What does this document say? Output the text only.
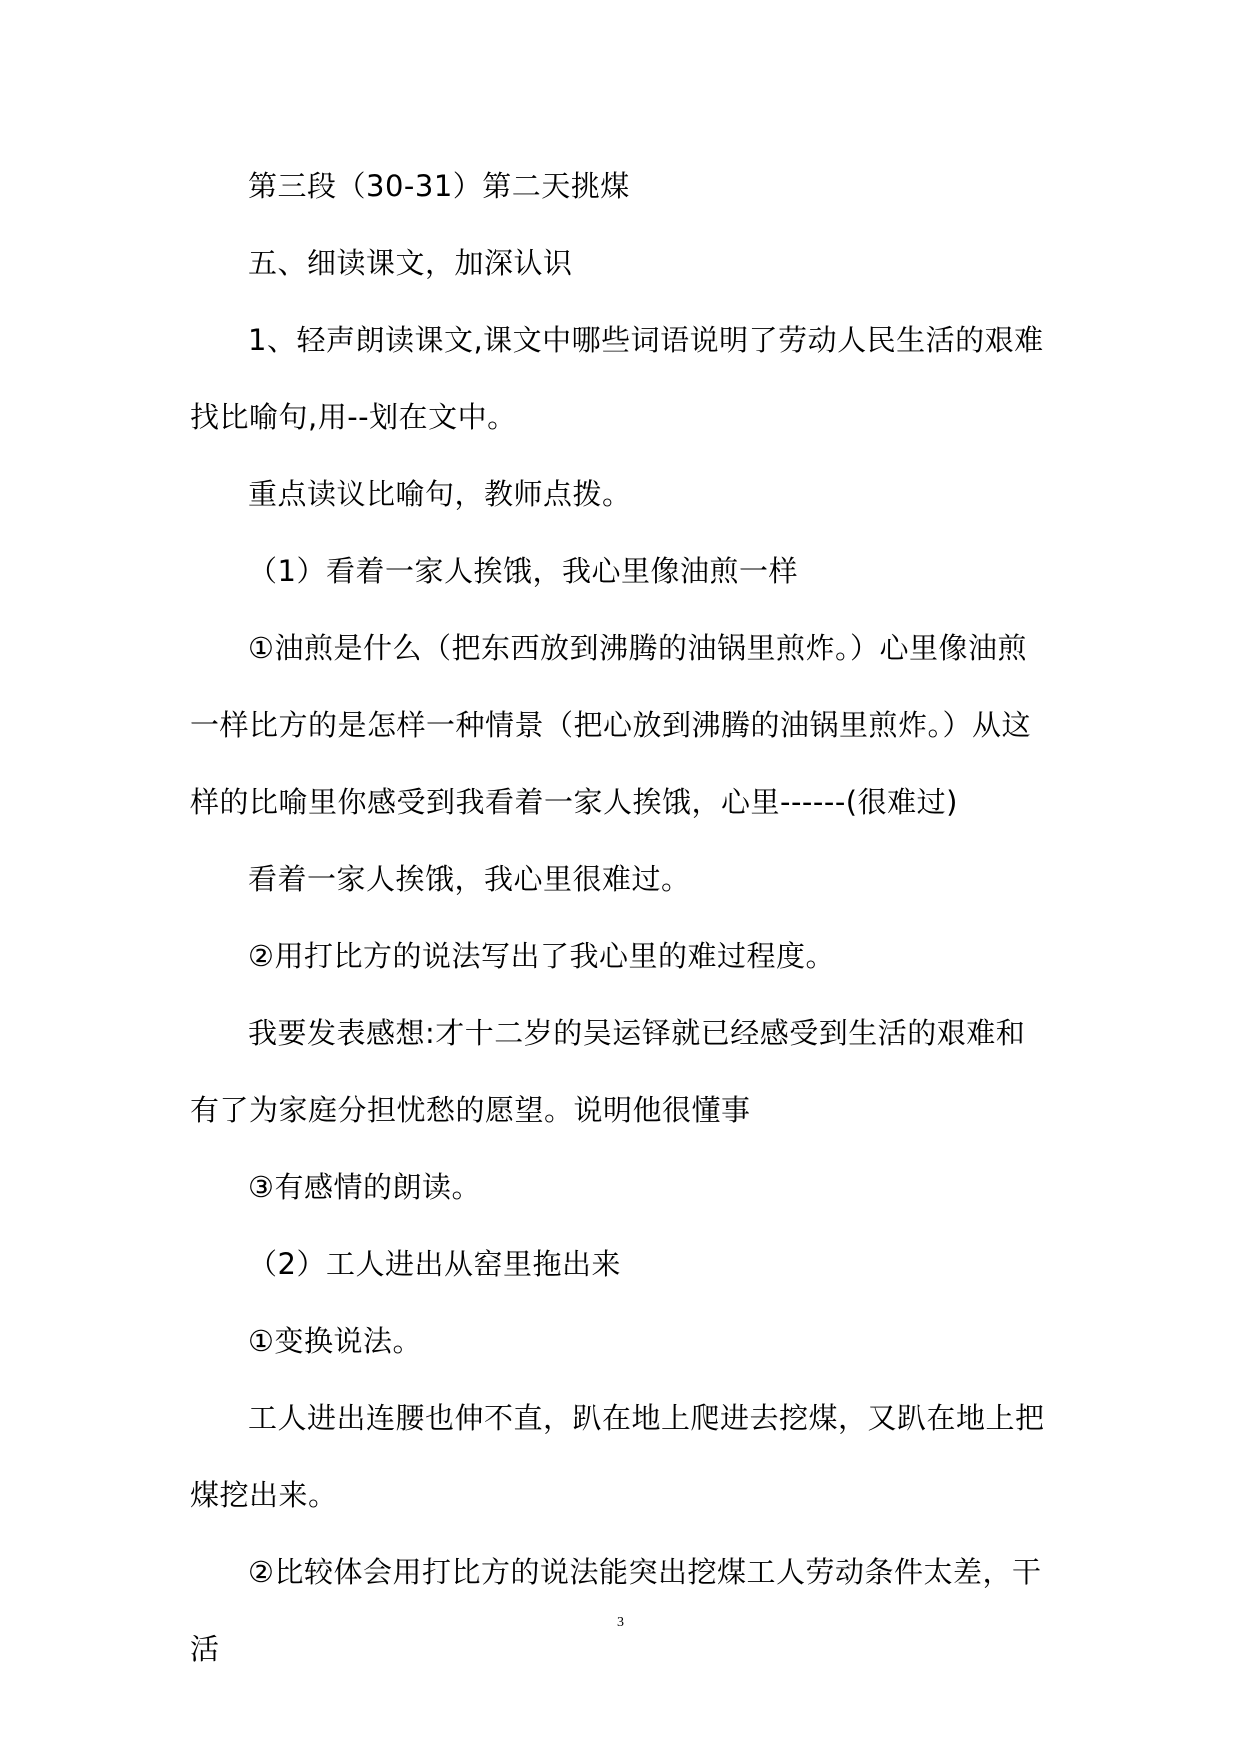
第三段（30-31）第二天挑煤

五、细读课文，加深认识

1、轻声朗读课文,课文中哪些词语说明了劳动人民生活的艰难找比喻句,用--划在文中。

重点读议比喻句，教师点拨。

（1）看着一家人挨饿，我心里像油煎一样

①油煎是什么（把东西放到沸腾的油锅里煎炸。）心里像油煎一样比方的是怎样一种情景（把心放到沸腾的油锅里煎炸。）从这样的比喻里你感受到我看着一家人挨饿，心里------(很难过)

看着一家人挨饿，我心里很难过。

②用打比方的说法写出了我心里的难过程度。

我要发表感想:才十二岁的吴运铎就已经感受到生活的艰难和有了为家庭分担忧愁的愿望。说明他很懂事

③有感情的朗读。

（2）工人进出从窑里拖出来

①变换说法。

工人进出连腰也伸不直，趴在地上爬进去挖煤，又趴在地上把煤挖出来。

②比较体会用打比方的说法能突出挖煤工人劳动条件太差，干活

3
